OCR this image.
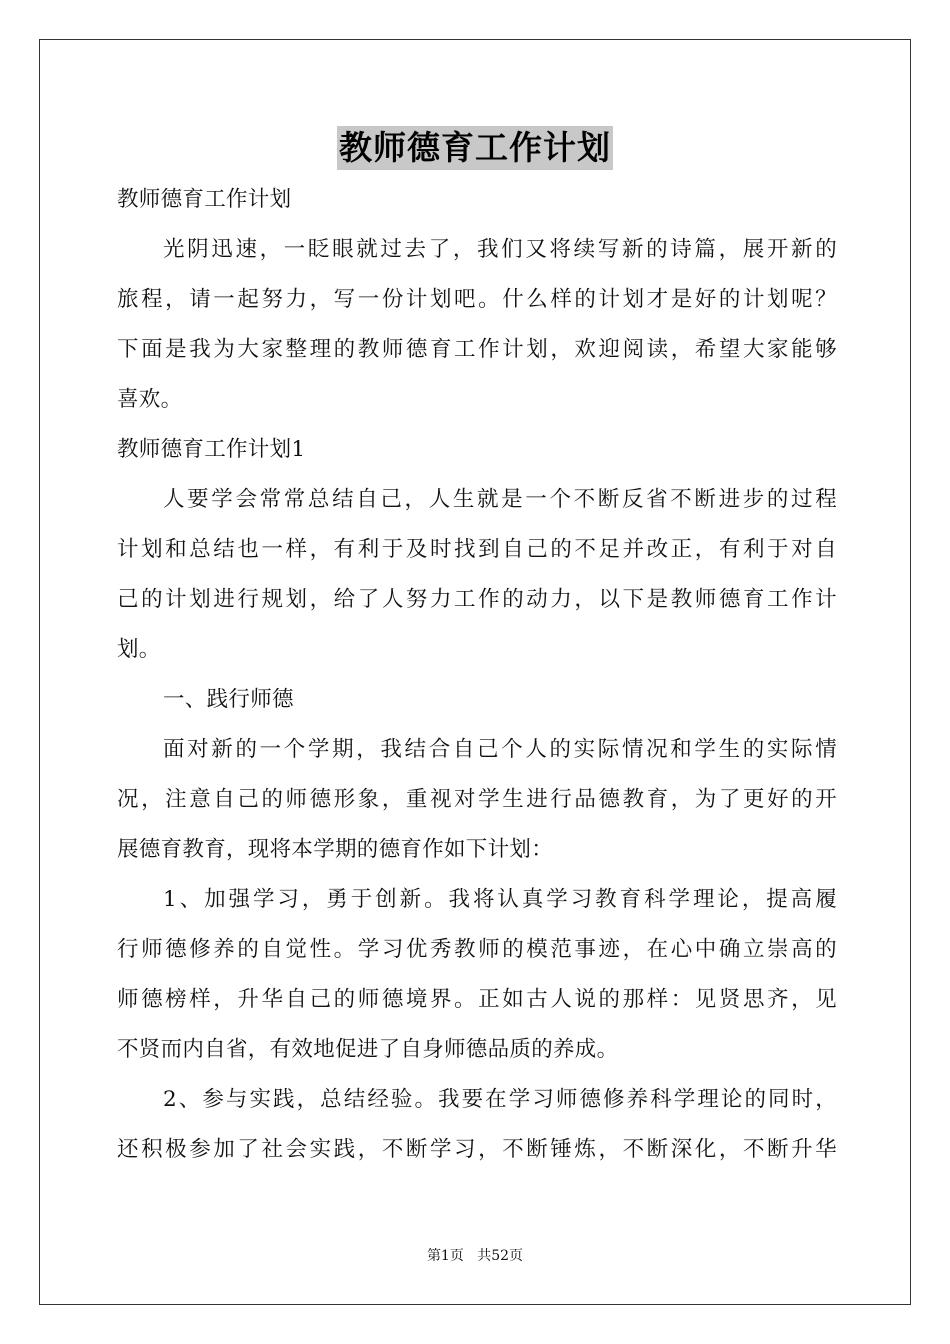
教师德育工作计划
教师德育工作计划
光阴迅速，一眨眼就过去了，我们又将续写新的诗篇，展开新的
旅程，请一起努力，写一份计划吧。什么样的计划才是好的计划呢？
下面是我为大家整理的教师德育工作计划，欢迎阅读，希望大家能够
喜欢。
教师德育工作计划1
人要学会常常总结自己，人生就是一个不断反省不断进步的过程
计划和总结也一样，有利于及时找到自己的不足并改正，有利于对自
己的计划进行规划，给了人努力工作的动力，以下是教师德育工作计
划。
一、践行师德
面对新的一个学期，我结合自己个人的实际情况和学生的实际情
况，注意自己的师德形象，重视对学生进行品德教育，为了更好的开
展德育教育，现将本学期的德育作如下计划：
1、加强学习，勇于创新。我将认真学习教育科学理论，提高履
行师德修养的自觉性。学习优秀教师的模范事迹，在心中确立崇高的
师德榜样，升华自己的师德境界。正如古人说的那样：见贤思齐，见
不贤而内自省，有效地促进了自身师德品质的养成。
2、参与实践，总结经验。我要在学习师德修养科学理论的同时，
还积极参加了社会实践，不断学习，不断锤炼，不断深化，不断升华
第1页 共52页
